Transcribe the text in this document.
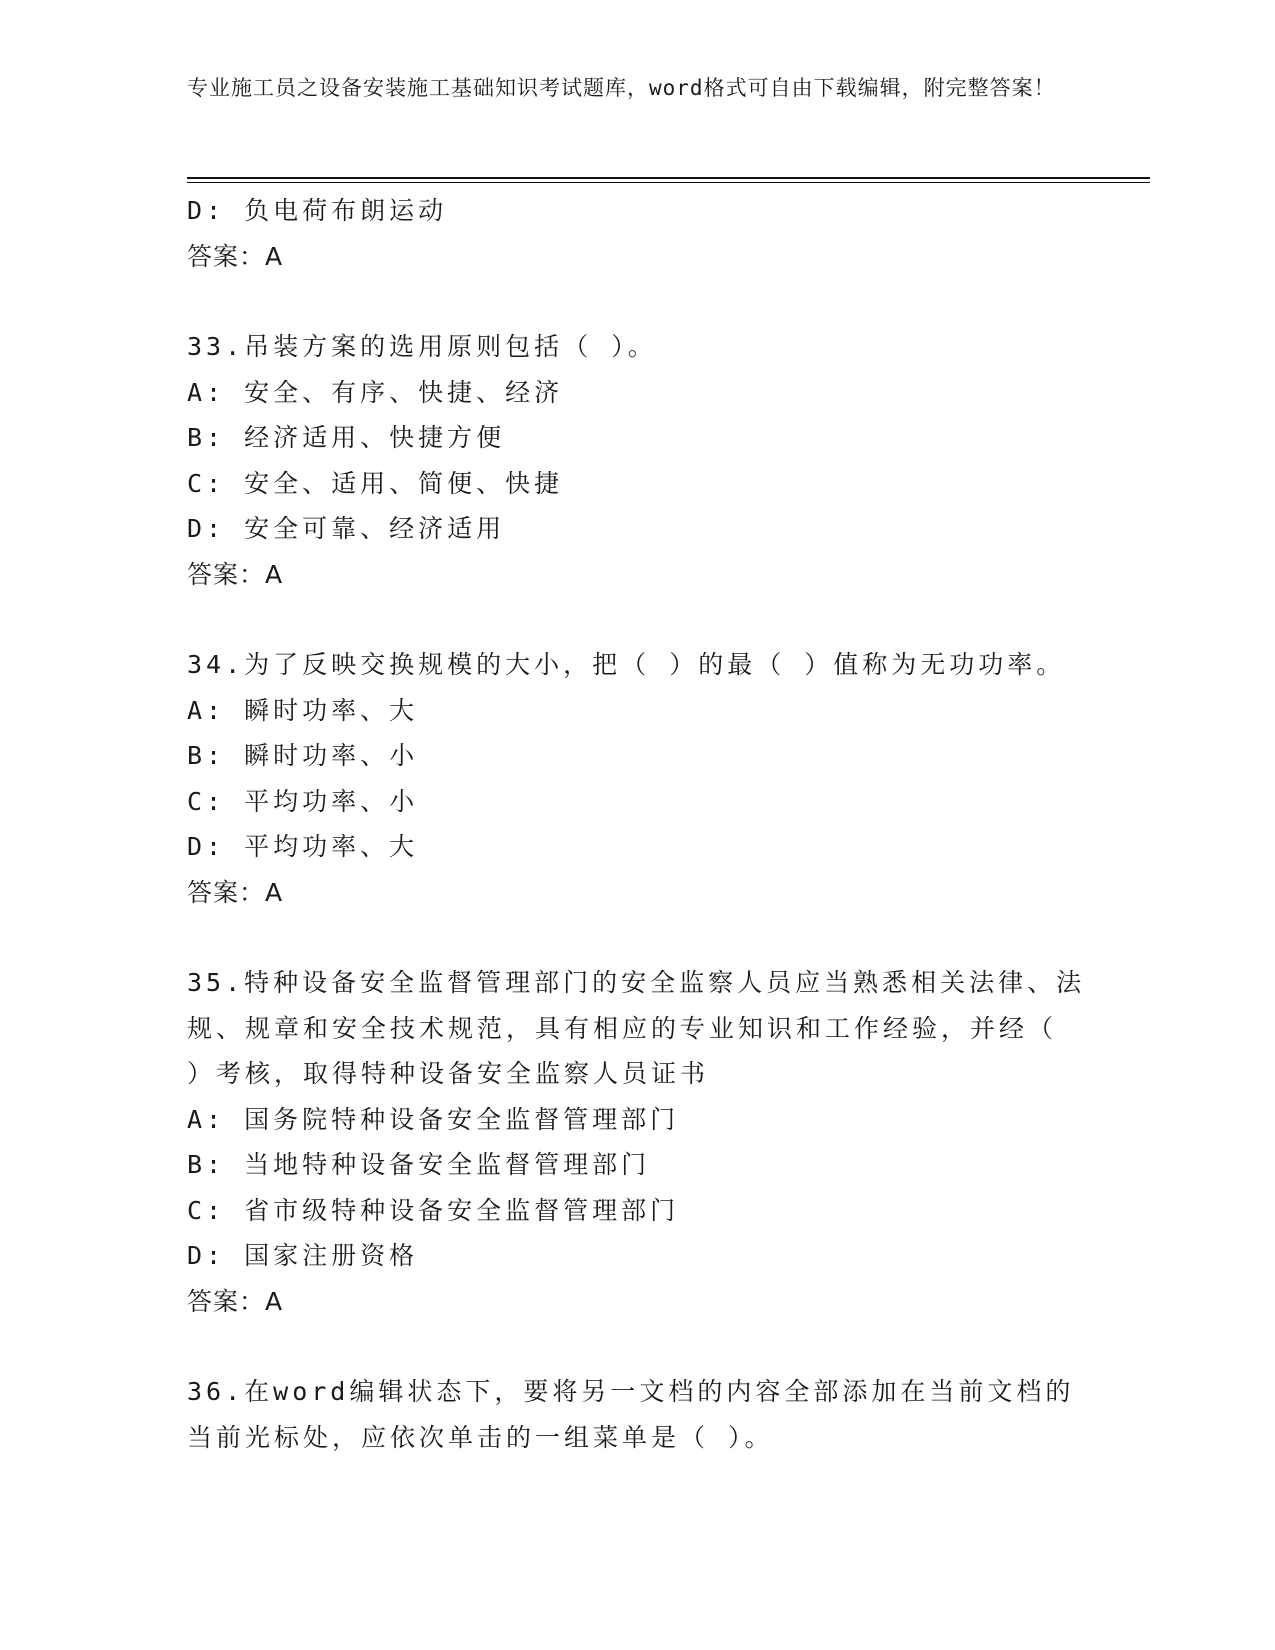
专业施工员之设备安装施工基础知识考试题库，word格式可自由下载编辑，附完整答案！
D: 负电荷布朗运动
答案：A
33.吊装方案的选用原则包括（ ）。
A: 安全、有序、快捷、经济
B: 经济适用、快捷方便
C: 安全、适用、简便、快捷
D: 安全可靠、经济适用
答案：A
34.为了反映交换规模的大小，把（ ）的最（ ）值称为无功功率。
A: 瞬时功率、大
B: 瞬时功率、小
C: 平均功率、小
D: 平均功率、大
答案：A
35.特种设备安全监督管理部门的安全监察人员应当熟悉相关法律、法
规、规章和安全技术规范，具有相应的专业知识和工作经验，并经（
）考核，取得特种设备安全监察人员证书
A: 国务院特种设备安全监督管理部门
B: 当地特种设备安全监督管理部门
C: 省市级特种设备安全监督管理部门
D: 国家注册资格
答案：A
36.在word编辑状态下，要将另一文档的内容全部添加在当前文档的
当前光标处，应依次单击的一组菜单是（ ）。
